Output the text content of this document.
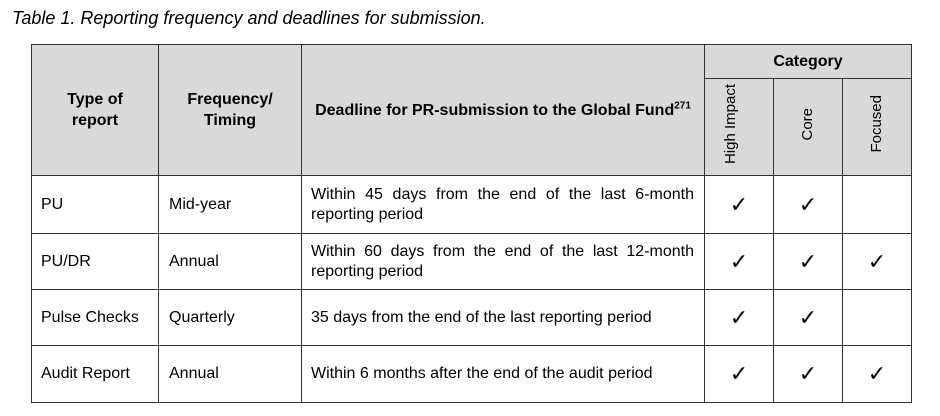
Table 1. Reporting frequency and deadlines for submission.
Type of report	Frequency/ Timing	Deadline for PR-submission to the Global Fund$^{271}$	Category		
			High Impact	Core	Focused
PU	Mid-year	Within 45 days from the end of the last 6-month reporting period	✓	✓	
PU/DR	Annual	Within 60 days from the end of the last 12-month reporting period	✓	✓	✓
Pulse Checks	Quarterly	35 days from the end of the last reporting period	✓	✓	
Audit Report	Annual	Within 6 months after the end of the audit period	✓	✓	✓
